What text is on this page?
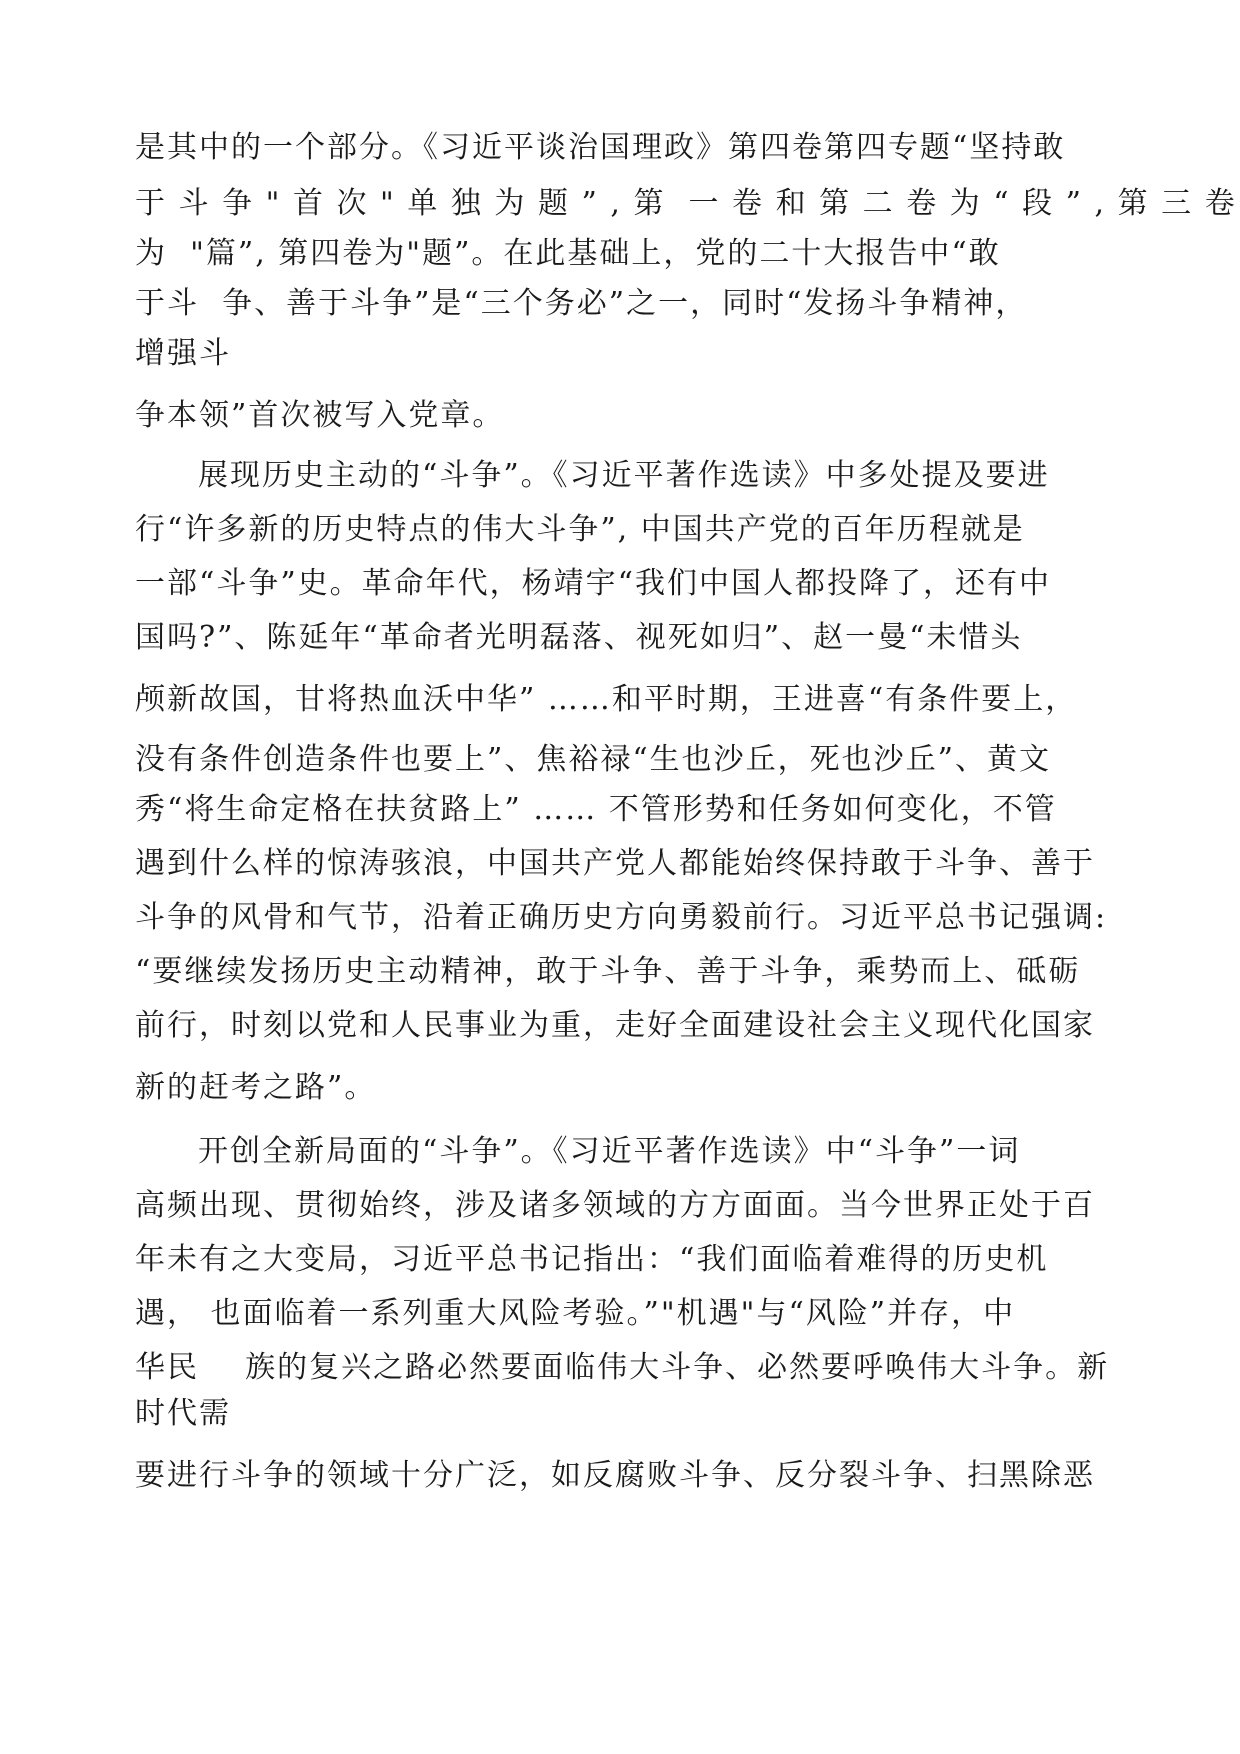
是其中的一个部分。《习近平谈治国理政》第四卷第四专题“坚持敢

于 斗 争 " 首 次 " 单 独 为 题 ” , 第  一 卷 和 第 二 卷 为 “ 段 ” , 第 三 卷

为  "篇”, 第四卷为"题”。在此基础上，党的二十大报告中“敢

于斗  争、善于斗争”是“三个务必”之一，同时“发扬斗争精神，

增强斗

争本领”首次被写入党章。

展现历史主动的“斗争”。《习近平著作选读》中多处提及要进

行“许多新的历史特点的伟大斗争”, 中国共产党的百年历程就是

一部“斗争”史。革命年代，杨靖宇“我们中国人都投降了，还有中

国吗?”、陈延年“革命者光明磊落、视死如归”、赵一曼“未惜头

颅新故国，甘将热血沃中华” ……和平时期，王进喜“有条件要上，

没有条件创造条件也要上”、焦裕禄“生也沙丘，死也沙丘”、黄文

秀“将生命定格在扶贫路上” …… 不管形势和任务如何变化，不管

遇到什么样的惊涛骇浪，中国共产党人都能始终保持敢于斗争、善于

斗争的风骨和气节，沿着正确历史方向勇毅前行。习近平总书记强调:

“要继续发扬历史主动精神，敢于斗争、善于斗争，乘势而上、砥砺

前行，时刻以党和人民事业为重，走好全面建设社会主义现代化国家

新的赶考之路”。

开创全新局面的“斗争”。《习近平著作选读》中“斗争”一词

高频出现、贯彻始终，涉及诸多领域的方方面面。当今世界正处于百

年未有之大变局，习近平总书记指出：“我们面临着难得的历史机

遇， 也面临着一系列重大风险考验。”"机遇"与“风险”并存，中

华民    族的复兴之路必然要面临伟大斗争、必然要呼唤伟大斗争。新

时代需

要进行斗争的领域十分广泛，如反腐败斗争、反分裂斗争、扫黑除恶
